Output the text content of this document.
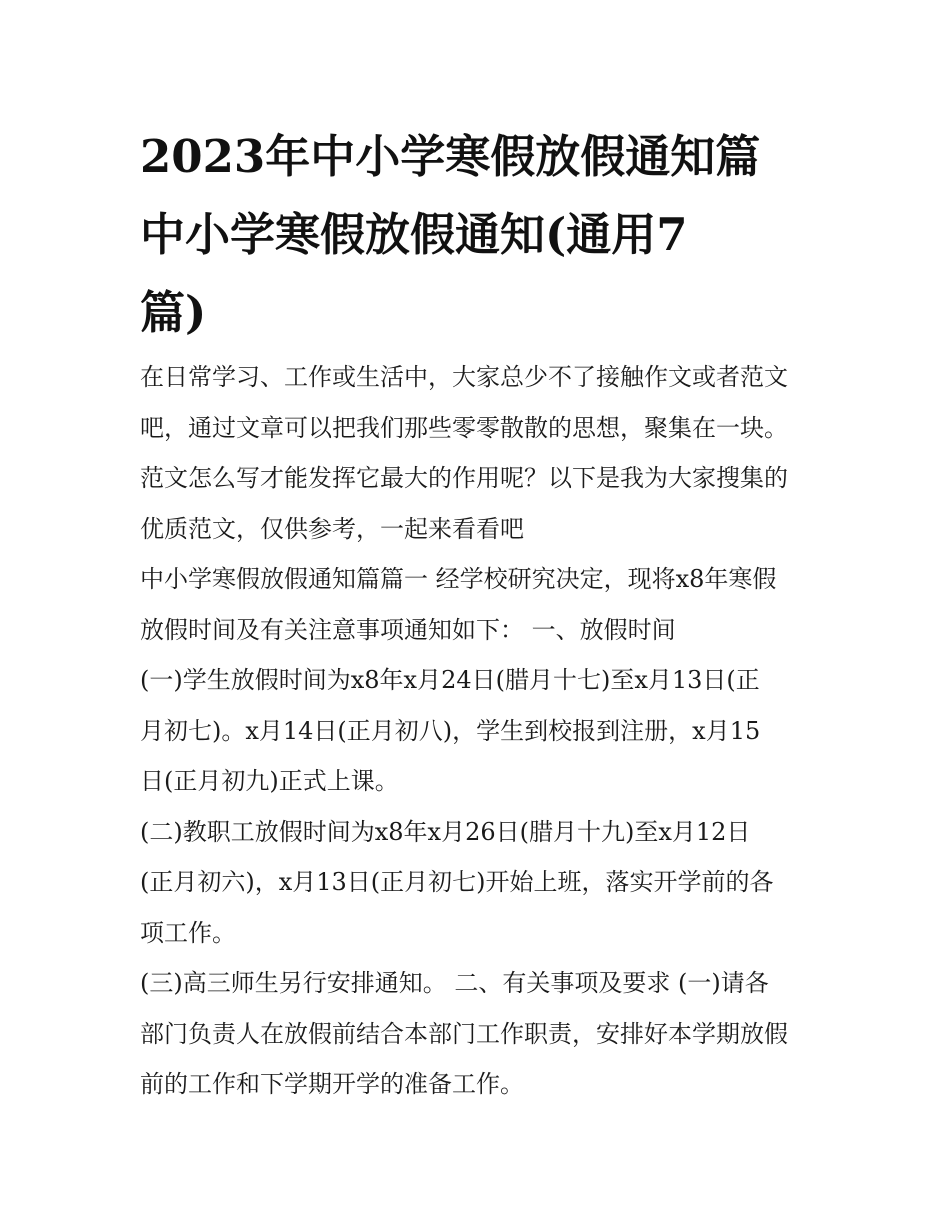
2023年中小学寒假放假通知篇
中小学寒假放假通知(通用7
篇)
在日常学习、工作或生活中，大家总少不了接触作文或者范文
吧，通过文章可以把我们那些零零散散的思想，聚集在一块。
范文怎么写才能发挥它最大的作用呢？以下是我为大家搜集的
优质范文，仅供参考，一起来看看吧
中小学寒假放假通知篇篇一 经学校研究决定，现将x8年寒假
放假时间及有关注意事项通知如下： 一、放假时间
(一)学生放假时间为x8年x月24日(腊月十七)至x月13日(正
月初七)。x月14日(正月初八)，学生到校报到注册，x月15
日(正月初九)正式上课。
(二)教职工放假时间为x8年x月26日(腊月十九)至x月12日
(正月初六)，x月13日(正月初七)开始上班，落实开学前的各
项工作。
(三)高三师生另行安排通知。 二、有关事项及要求 (一)请各
部门负责人在放假前结合本部门工作职责，安排好本学期放假
前的工作和下学期开学的准备工作。
